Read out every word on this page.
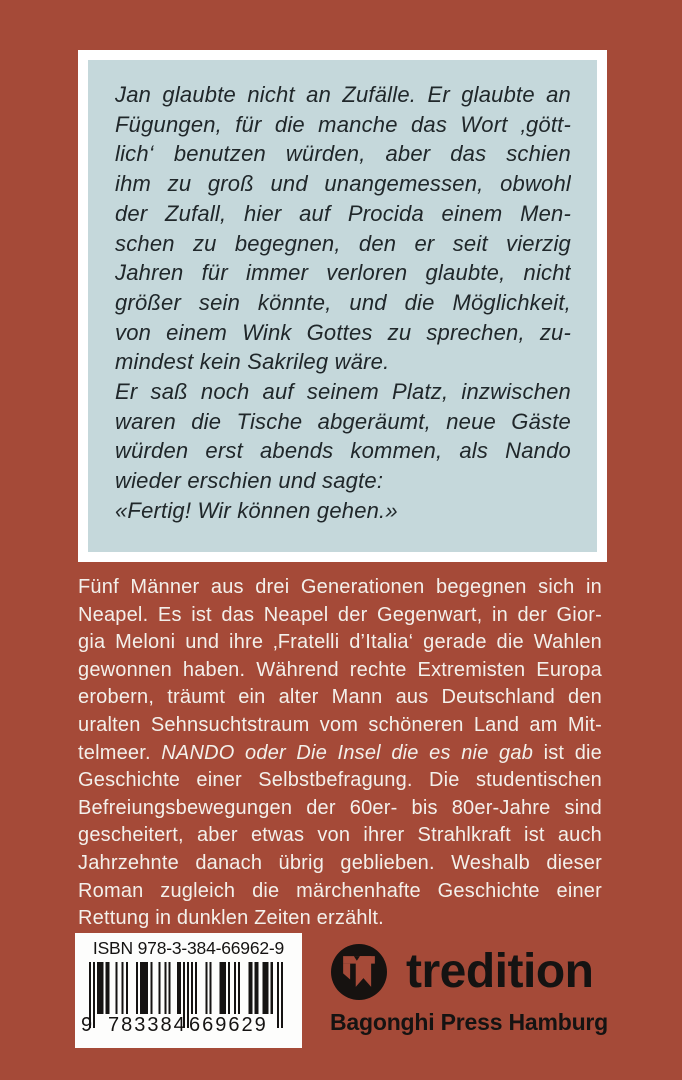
Jan glaubte nicht an Zufälle. Er glaubte an
Fügungen, für die manche das Wort ‚gött-
lich‘ benutzen würden, aber das schien
ihm zu groß und unangemessen, obwohl
der Zufall, hier auf Procida einem Men-
schen zu begegnen, den er seit vierzig
Jahren für immer verloren glaubte, nicht
größer sein könnte, und die Möglichkeit,
von einem Wink Gottes zu sprechen, zu-
mindest kein Sakrileg wäre.
Er saß noch auf seinem Platz, inzwischen
waren die Tische abgeräumt, neue Gäste
würden erst abends kommen, als Nando
wieder erschien und sagte:
«Fertig! Wir können gehen.»
Fünf Männer aus drei Generationen begegnen sich in
Neapel. Es ist das Neapel der Gegenwart, in der Gior-
gia Meloni und ihre ‚Fratelli d’Italia‘ gerade die Wahlen
gewonnen haben. Während rechte Extremisten Europa
erobern, träumt ein alter Mann aus Deutschland den
uralten Sehnsuchtstraum vom schöneren Land am Mit-
telmeer. NANDO oder Die Insel die es nie gab ist die
Geschichte einer Selbstbefragung. Die studentischen
Befreiungsbewegungen der 60er- bis 80er-Jahre sind
gescheitert, aber etwas von ihrer Strahlkraft ist auch
Jahrzehnte danach übrig geblieben. Weshalb dieser
Roman zugleich die märchenhafte Geschichte einer
Rettung in dunklen Zeiten erzählt.
ISBN 978-3-384-66962-9
9 783384 669629
tredition
Bagonghi Press Hamburg
